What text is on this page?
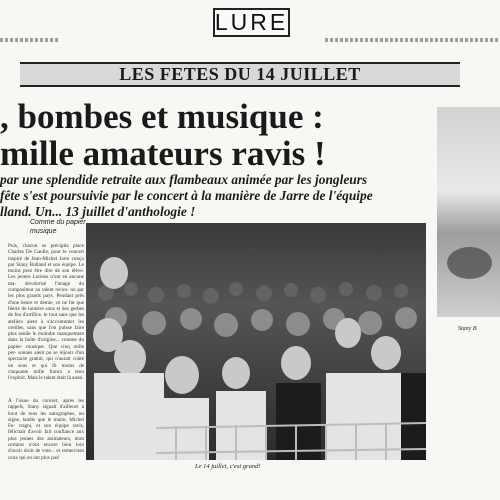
LURE
LES FETES DU 14 JUILLET
, bombes et musique :
mille amateurs ravis !
par une splendide retraite aux flambeaux animée par les jongleurs
fête s'est poursuivie par le concert à la manière de Jarre de l'équipe
lland. Un... 13 juillet d'anthologie !
Stany B
Comme du papier
musique
Puis, chacun se précipita place Charles De Gaulle, pour le concert inspiré de Jean-Michel Jarre conçu par Stany Bulland et son équipe. Le moins peut être dire de son élève. Les jeunes Luriens n'ont eu aucune ma- devalorisé l'image du compositeur au talent recon- nu par les plus grands pays. Pendant près d'une heure et demie, ce ne fut que féerie de lumière sons et des gerbes de feu d'artifice, le tout sans que les ateliers aient à s'accoutumer les oreilles, sans que l'on pulsse faire plus senile le moindre manquement dans la boîte d'origine... comme du papier- musique. Que cinq mille per- sonnes aient pu se réjouir d'un spectacle gratuit, qui n'aurait coûté un sous et qui fit moins de cinquante mille francs a tenu l'exploit. Mais le talent était là aussi.
À l'issue du concert, après les rappels, Stany signait d'ailleurs à bout de tous les autographes, un signe, tandis que le maire, Michel Fe- rragni, et son équipe ravis, félicitait d'avoir fait confiance aux plus jeunes des animateurs, dont certains n'ont encore bien loin d'avoir droit de vote... et remercient ceux qui en ont plus pas!
Le 14 juillet, c'est grand!
